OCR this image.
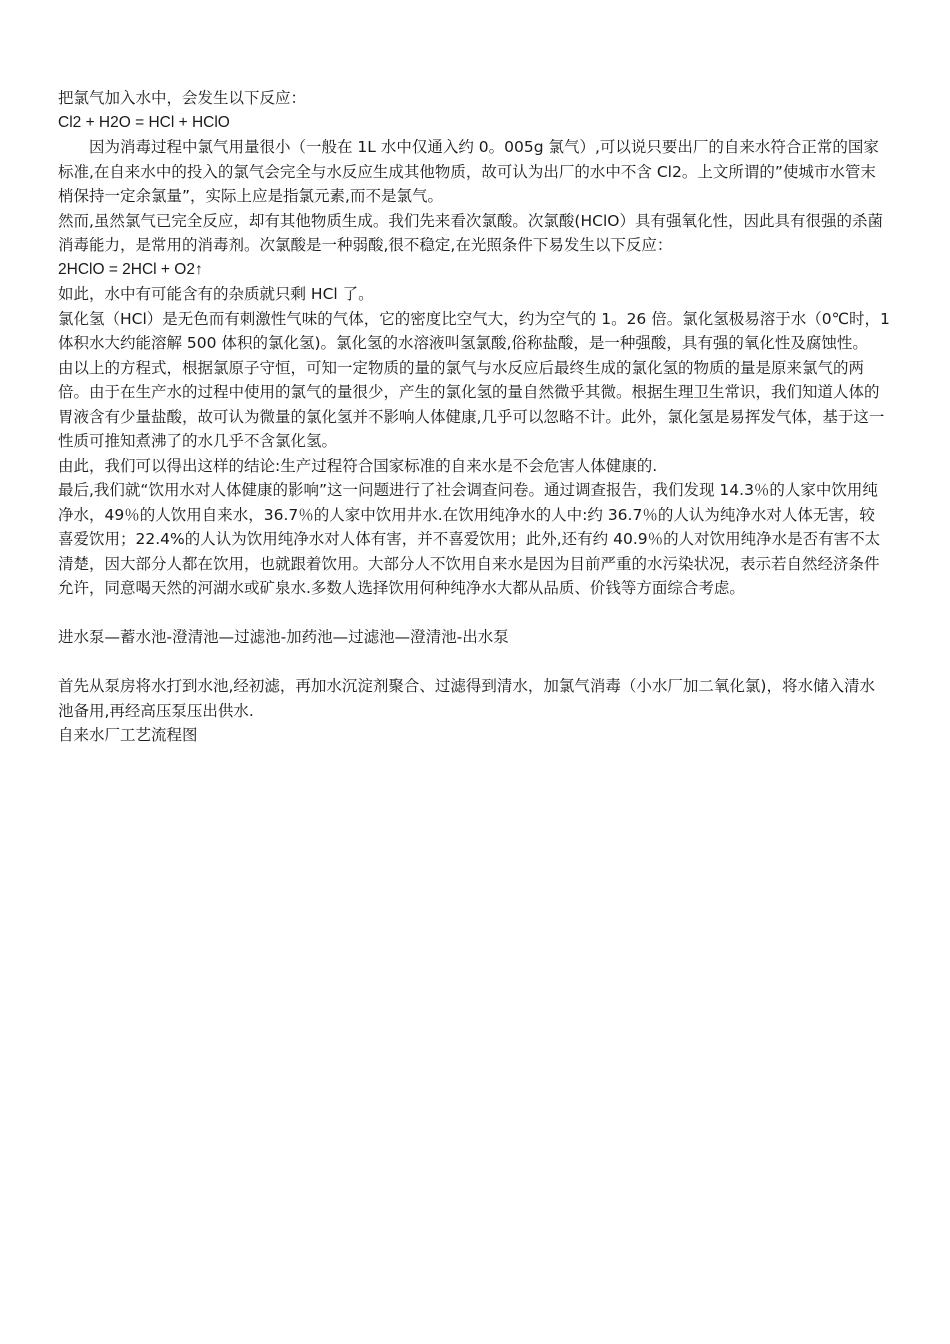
把氯气加入水中，会发生以下反应：

Cl2 + H2O = HCl + HClO

因为消毒过程中氯气用量很小（一般在 1L 水中仅通入约 0。005g 氯气）,可以说只要出厂的自来水符合正常的国家标准,在自来水中的投入的氯气会完全与水反应生成其他物质，故可认为出厂的水中不含 Cl2。上文所谓的”使城市水管末梢保持一定余氯量”，实际上应是指氯元素,而不是氯气。

然而,虽然氯气已完全反应，却有其他物质生成。我们先来看次氯酸。次氯酸(HClO）具有强氧化性，因此具有很强的杀菌消毒能力，是常用的消毒剂。次氯酸是一种弱酸,很不稳定,在光照条件下易发生以下反应：

2HClO = 2HCl + O2↑

如此，水中有可能含有的杂质就只剩 HCl 了。

氯化氢（HCl）是无色而有刺激性气味的气体，它的密度比空气大，约为空气的 1。26 倍。氯化氢极易溶于水（0℃时，1 体积水大约能溶解 500 体积的氯化氢)。氯化氢的水溶液叫氢氯酸,俗称盐酸，是一种强酸，具有强的氧化性及腐蚀性。

由以上的方程式，根据氯原子守恒，可知一定物质的量的氯气与水反应后最终生成的氯化氢的物质的量是原来氯气的两倍。由于在生产水的过程中使用的氯气的量很少，产生的氯化氢的量自然微乎其微。根据生理卫生常识，我们知道人体的胃液含有少量盐酸，故可认为微量的氯化氢并不影响人体健康,几乎可以忽略不计。此外，氯化氢是易挥发气体，基于这一性质可推知煮沸了的水几乎不含氯化氢。

由此，我们可以得出这样的结论:生产过程符合国家标准的自来水是不会危害人体健康的.

最后,我们就“饮用水对人体健康的影响”这一问题进行了社会调查问卷。通过调查报告，我们发现 14.3％的人家中饮用纯净水，49％的人饮用自来水，36.7％的人家中饮用井水.在饮用纯净水的人中:约 36.7％的人认为纯净水对人体无害，较喜爱饮用；22.4%的人认为饮用纯净水对人体有害，并不喜爱饮用；此外,还有约 40.9％的人对饮用纯净水是否有害不太清楚，因大部分人都在饮用，也就跟着饮用。大部分人不饮用自来水是因为目前严重的水污染状况，表示若自然经济条件允许，同意喝天然的河湖水或矿泉水.多数人选择饮用何种纯净水大都从品质、价钱等方面综合考虑。

进水泵—蓄水池-澄清池—过滤池-加药池—过滤池—澄清池-出水泵

首先从泵房将水打到水池,经初滤，再加水沉淀剂聚合、过滤得到清水，加氯气消毒（小水厂加二氧化氯)，将水储入清水池备用,再经高压泵压出供水.

自来水厂工艺流程图
